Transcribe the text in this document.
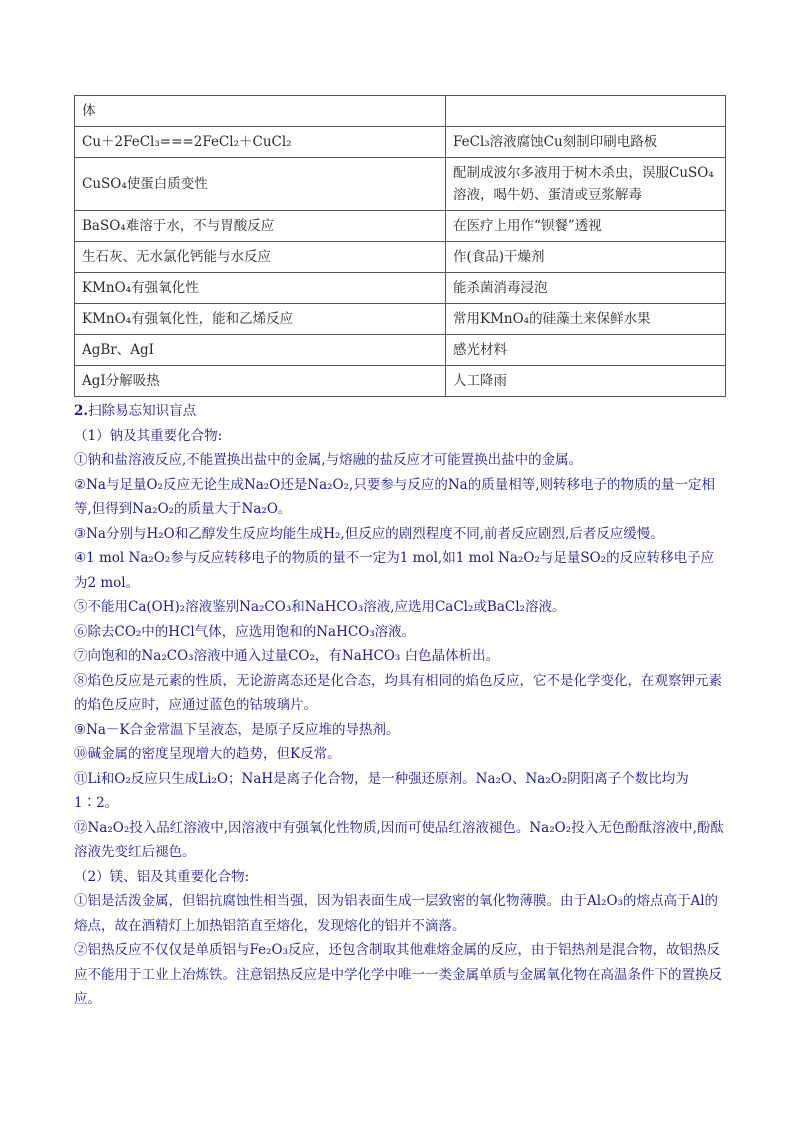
体	
Cu＋2FeCl₃===2FeCl₂＋CuCl₂	FeCl₃溶液腐蚀Cu刻制印刷电路板
CuSO₄使蛋白质变性	配制成波尔多液用于树木杀虫，误服CuSO₄溶液，喝牛奶、蛋清或豆浆解毒
BaSO₄难溶于水，不与胃酸反应	在医疗上用作“钡餐”透视
生石灰、无水氯化钙能与水反应	作(食品)干燥剂
KMnO₄有强氧化性	能杀菌消毒浸泡
KMnO₄有强氧化性，能和乙烯反应	常用KMnO₄的硅藻土来保鲜水果
AgBr、AgI	感光材料
AgI分解吸热	人工降雨

2.扫除易忘知识盲点

（1）钠及其重要化合物:

①钠和盐溶液反应,不能置换出盐中的金属,与熔融的盐反应才可能置换出盐中的金属。

②Na与足量O₂反应无论生成Na₂O还是Na₂O₂,只要参与反应的Na的质量相等,则转移电子的物质的量一定相等,但得到Na₂O₂的质量大于Na₂O。

③Na分别与H₂O和乙醇发生反应均能生成H₂,但反应的剧烈程度不同,前者反应剧烈,后者反应缓慢。

④1 mol Na₂O₂参与反应转移电子的物质的量不一定为1 mol,如1 mol Na₂O₂与足量SO₂的反应转移电子应为2 mol。

⑤不能用Ca(OH)₂溶液鉴别Na₂CO₃和NaHCO₃溶液,应选用CaCl₂或BaCl₂溶液。

⑥除去CO₂中的HCl气体，应选用饱和的NaHCO₃溶液。

⑦向饱和的Na₂CO₃溶液中通入过量CO₂，有NaHCO₃ 白色晶体析出。

⑧焰色反应是元素的性质，无论游离态还是化合态，均具有相同的焰色反应，它不是化学变化，在观察钾元素的焰色反应时，应通过蓝色的钴玻璃片。

⑨Na－K合金常温下呈液态，是原子反应堆的导热剂。

⑩碱金属的密度呈现增大的趋势，但K反常。

⑪Li和O₂反应只生成Li₂O；NaH是离子化合物，是一种强还原剂。Na₂O、Na₂O₂阴阳离子个数比均为1∶2。

⑫Na₂O₂投入品红溶液中,因溶液中有强氧化性物质,因而可使品红溶液褪色。Na₂O₂投入无色酚酞溶液中,酚酞溶液先变红后褪色。

（2）镁、铝及其重要化合物:

①铝是活泼金属，但铝抗腐蚀性相当强，因为铝表面生成一层致密的氧化物薄膜。由于Al₂O₃的熔点高于Al的熔点，故在酒精灯上加热铝箔直至熔化，发现熔化的铝并不滴落。

②铝热反应不仅仅是单质铝与Fe₂O₃反应，还包含制取其他难熔金属的反应，由于铝热剂是混合物，故铝热反应不能用于工业上冶炼铁。注意铝热反应是中学化学中唯一一类金属单质与金属氧化物在高温条件下的置换反应。
